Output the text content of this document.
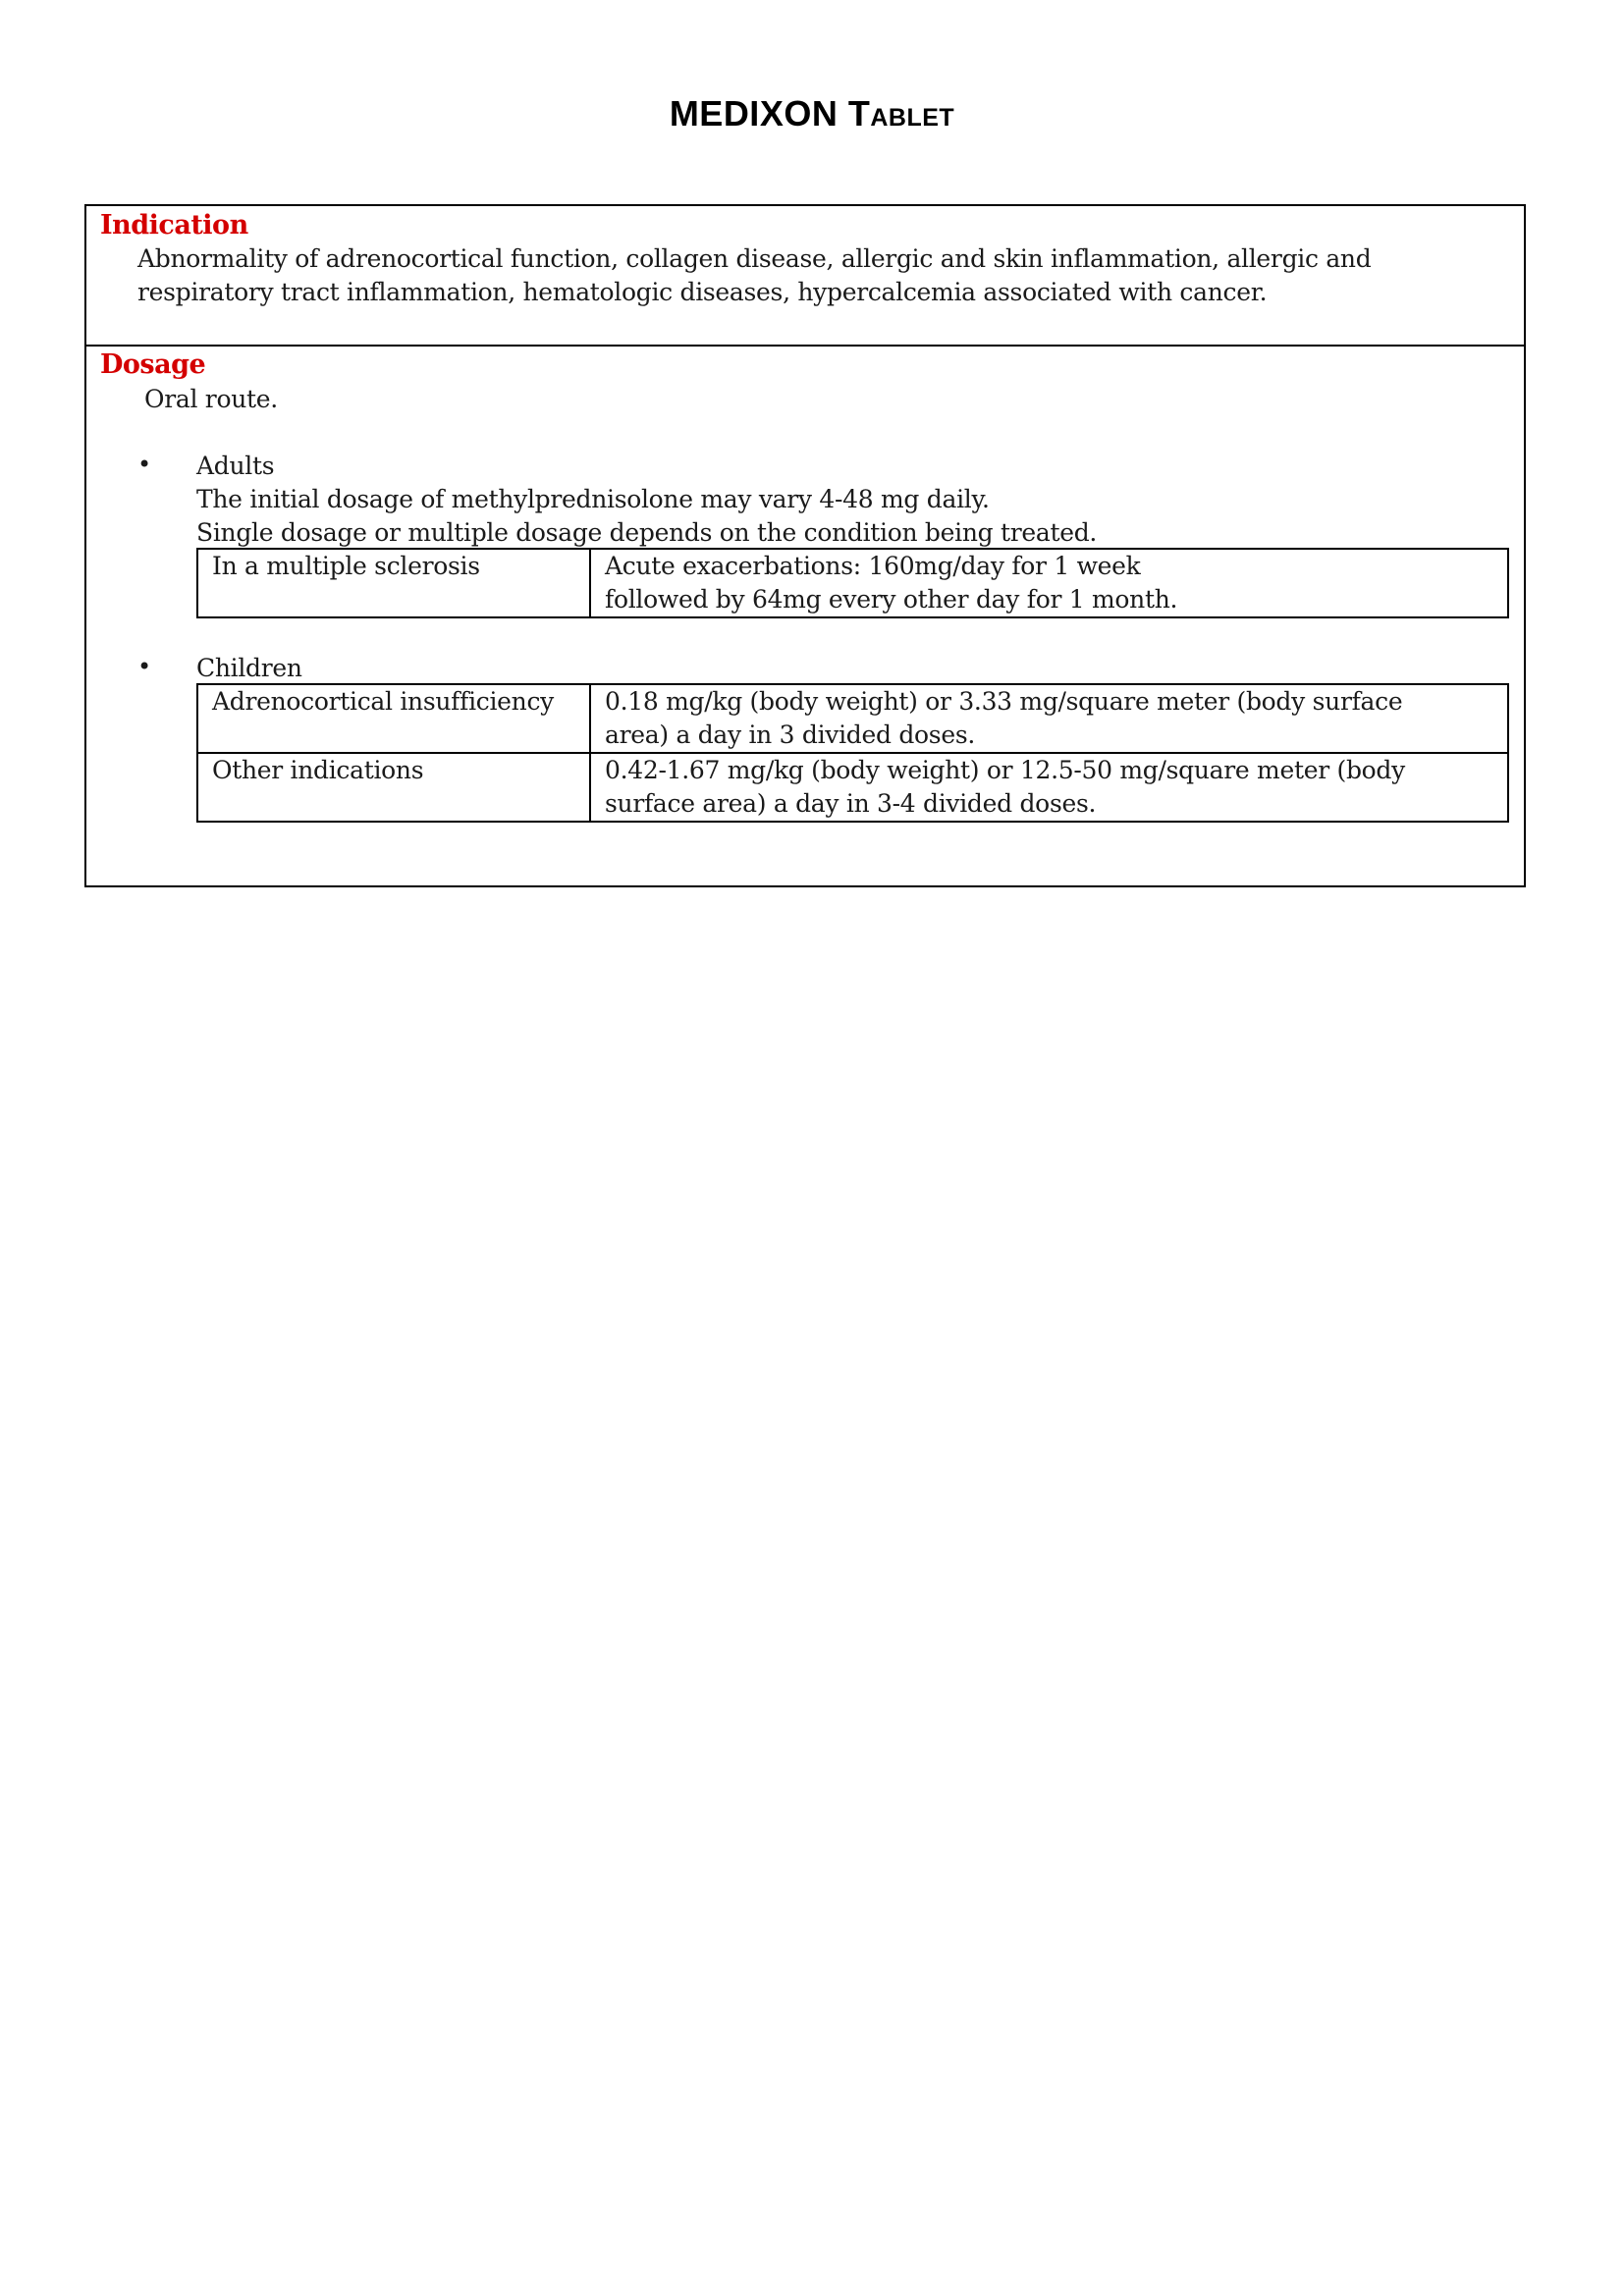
MEDIXON Tablet
Indication
Abnormality of adrenocortical function, collagen disease, allergic and skin inflammation, allergic and
respiratory tract inflammation, hematologic diseases, hypercalcemia associated with cancer.
Dosage
Oral route.
• Adults
The initial dosage of methylprednisolone may vary 4-48 mg daily.
Single dosage or multiple dosage depends on the condition being treated.
In a multiple sclerosis	Acute exacerbations: 160mg/day for 1 week
followed by 64mg every other day for 1 month.
• Children
Adrenocortical insufficiency	0.18 mg/kg (body weight) or 3.33 mg/square meter (body surface
area) a day in 3 divided doses.

Other indications	0.42-1.67 mg/kg (body weight) or 12.5-50 mg/square meter (body
surface area) a day in 3-4 divided doses.
